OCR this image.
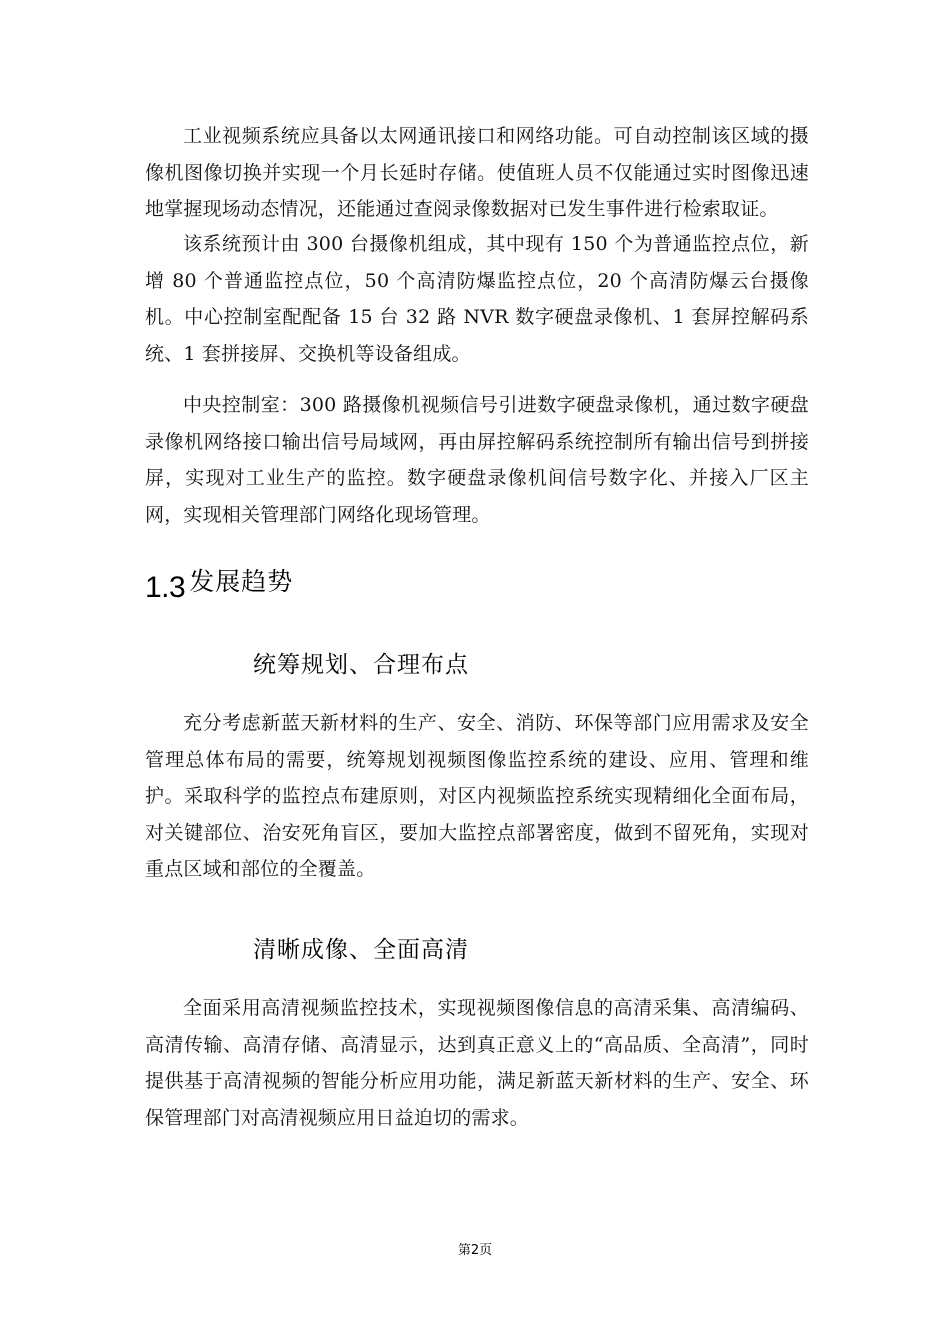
工业视频系统应具备以太网通讯接口和网络功能。可自动控制该区域的摄像机图像切换并实现一个月长延时存储。使值班人员不仅能通过实时图像迅速地掌握现场动态情况，还能通过查阅录像数据对已发生事件进行检索取证。

该系统预计由 300 台摄像机组成，其中现有 150 个为普通监控点位，新增 80 个普通监控点位，50 个高清防爆监控点位，20 个高清防爆云台摄像机。中心控制室配配备 15 台 32 路 NVR 数字硬盘录像机、1 套屏控解码系统、1 套拼接屏、交换机等设备组成。

中央控制室：300 路摄像机视频信号引进数字硬盘录像机，通过数字硬盘录像机网络接口输出信号局域网，再由屏控解码系统控制所有输出信号到拼接屏，实现对工业生产的监控。数字硬盘录像机间信号数字化、并接入厂区主网，实现相关管理部门网络化现场管理。

1.3 发展趋势
统筹规划、合理布点

充分考虑新蓝天新材料的生产、安全、消防、环保等部门应用需求及安全管理总体布局的需要，统筹规划视频图像监控系统的建设、应用、管理和维护。采取科学的监控点布建原则，对区内视频监控系统实现精细化全面布局，对关键部位、治安死角盲区，要加大监控点部署密度，做到不留死角，实现对重点区域和部位的全覆盖。

清晰成像、全面高清

全面采用高清视频监控技术，实现视频图像信息的高清采集、高清编码、高清传输、高清存储、高清显示，达到真正意义上的“高品质、全高清”，同时提供基于高清视频的智能分析应用功能，满足新蓝天新材料的生产、安全、环保管理部门对高清视频应用日益迫切的需求。

第2页
